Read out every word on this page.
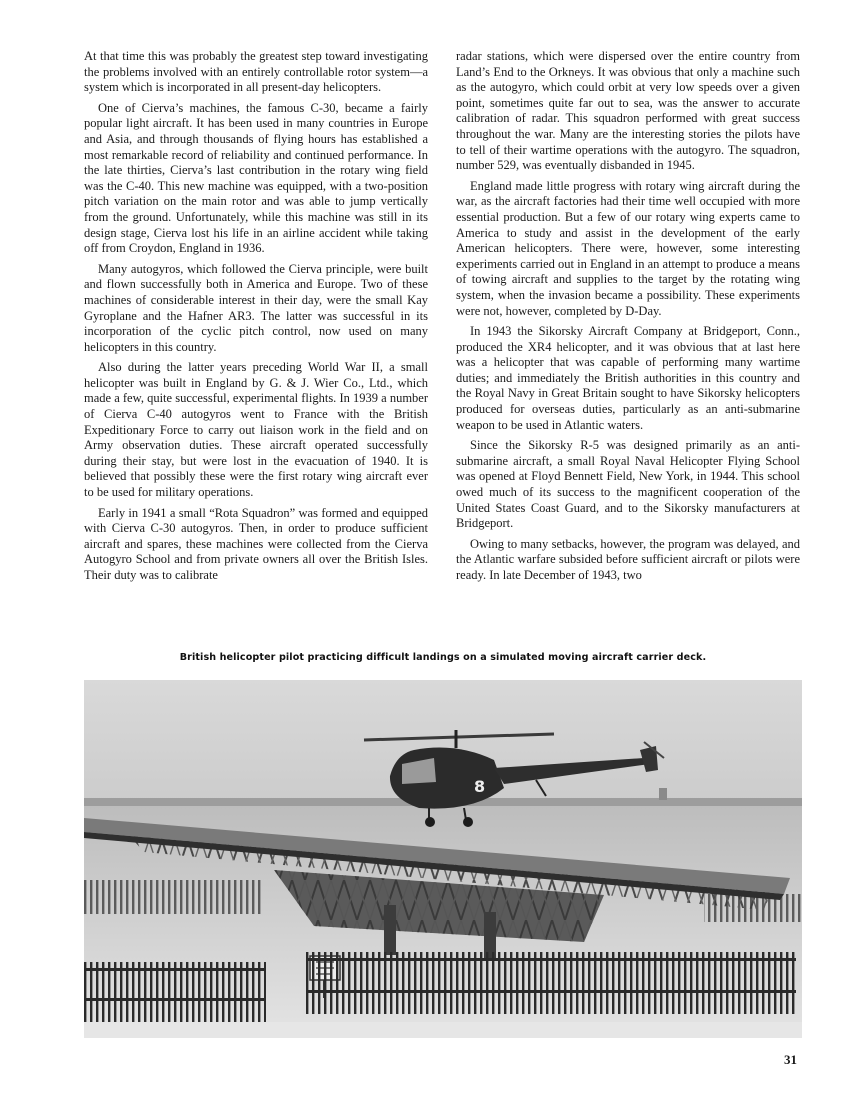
At that time this was probably the greatest step toward investigating the problems involved with an entirely controllable rotor system—a system which is incorporated in all present-day helicopters.

One of Cierva’s machines, the famous C-30, became a fairly popular light aircraft. It has been used in many countries in Europe and Asia, and through thousands of flying hours has established a most remarkable record of reliability and continued performance. In the late thirties, Cierva’s last contribution in the rotary wing field was the C-40. This new machine was equipped, with a two-position pitch variation on the main rotor and was able to jump vertically from the ground. Unfortunately, while this machine was still in its design stage, Cierva lost his life in an airline accident while taking off from Croydon, England in 1936.

Many autogyros, which followed the Cierva principle, were built and flown successfully both in America and Europe. Two of these machines of considerable interest in their day, were the small Kay Gyroplane and the Hafner AR3. The latter was successful in its incorporation of the cyclic pitch control, now used on many helicopters in this country.

Also during the latter years preceding World War II, a small helicopter was built in England by G. & J. Wier Co., Ltd., which made a few, quite successful, experimental flights. In 1939 a number of Cierva C-40 autogyros went to France with the British Expeditionary Force to carry out liaison work in the field and on Army observation duties. These aircraft operated successfully during their stay, but were lost in the evacuation of 1940. It is believed that possibly these were the first rotary wing aircraft ever to be used for military operations.

Early in 1941 a small “Rota Squadron” was formed and equipped with Cierva C-30 autogyros. Then, in order to produce sufficient aircraft and spares, these machines were collected from the Cierva Autogyro School and from private owners all over the British Isles. Their duty was to calibrate

radar stations, which were dispersed over the entire country from Land’s End to the Orkneys. It was obvious that only a machine such as the autogyro, which could orbit at very low speeds over a given point, sometimes quite far out to sea, was the answer to accurate calibration of radar. This squadron performed with great success throughout the war. Many are the interesting stories the pilots have to tell of their wartime operations with the autogyro. The squadron, number 529, was eventually disbanded in 1945.

England made little progress with rotary wing aircraft during the war, as the aircraft factories had their time well occupied with more essential production. But a few of our rotary wing experts came to America to study and assist in the development of the early American helicopters. There were, however, some interesting experiments carried out in England in an attempt to produce a means of towing aircraft and supplies to the target by the rotating wing system, when the invasion became a possibility. These experiments were not, however, completed by D-Day.

In 1943 the Sikorsky Aircraft Company at Bridgeport, Conn., produced the XR4 helicopter, and it was obvious that at last here was a helicopter that was capable of performing many wartime duties; and immediately the British authorities in this country and the Royal Navy in Great Britain sought to have Sikorsky helicopters produced for overseas duties, particularly as an anti-submarine weapon to be used in Atlantic waters.

Since the Sikorsky R-5 was designed primarily as an anti-submarine aircraft, a small Royal Naval Helicopter Flying School was opened at Floyd Bennett Field, New York, in 1944. This school owed much of its success to the magnificent cooperation of the United States Coast Guard, and to the Sikorsky manufacturers at Bridgeport.

Owing to many setbacks, however, the program was delayed, and the Atlantic warfare subsided before sufficient aircraft or pilots were ready. In late December of 1943, two

British helicopter pilot practicing difficult landings on a simulated moving aircraft carrier deck.
8
31
